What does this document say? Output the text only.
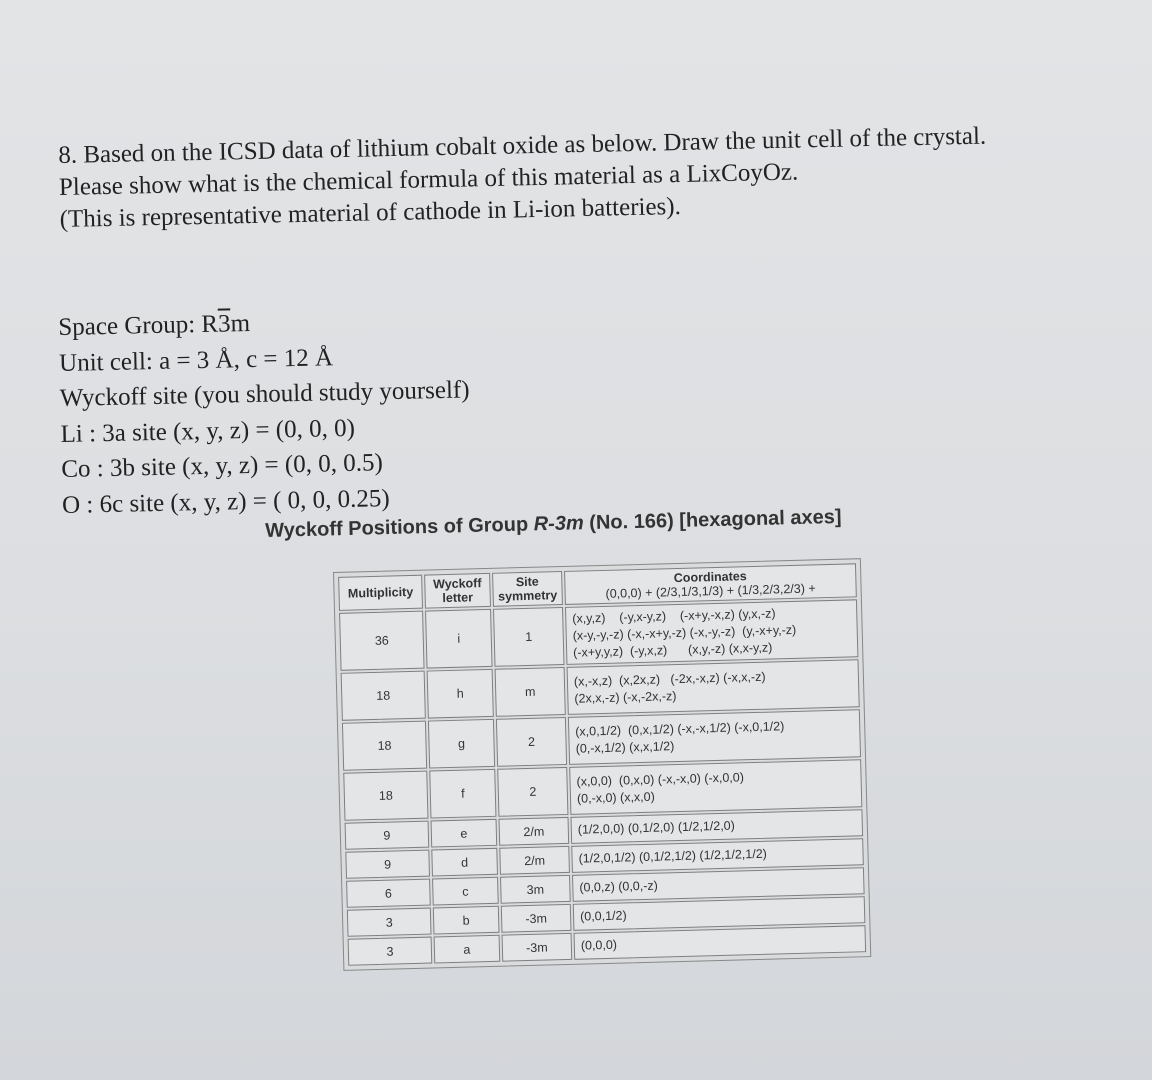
8. Based on the ICSD data of lithium cobalt oxide as below. Draw the unit cell of the crystal.

Please show what is the chemical formula of this material as a LixCoyOz.

(This is representative material of cathode in Li-ion batteries).

Space Group: R3m

Unit cell: a = 3 Å, c = 12 Å

Wyckoff site (you should study yourself)

Li : 3a site (x, y, z) = (0, 0, 0)

Co : 3b site (x, y, z) = (0, 0, 0.5)

O : 6c site (x, y, z) = ( 0, 0, 0.25)

Wyckoff Positions of Group R-3m (No. 166) [hexagonal axes]
Multiplicity	Wyckoff letter	Site symmetry	Coordinates
(0,0,0) + (2/3,1/3,1/3) + (1/3,2/3,2/3) +

36	i	1	(x,y,z)    (-y,x-y,z)    (-x+y,-x,z) (y,x,-z)
(x-y,-y,-z) (-x,-x+y,-z) (-x,-y,-z)  (y,-x+y,-z)
(-x+y,y,z)  (-y,x,z)      (x,y,-z) (x,x-y,z)
18	h	m	(x,-x,z)  (x,2x,z)   (-2x,-x,z) (-x,x,-z)
(2x,x,-z) (-x,-2x,-z)
18	g	2	(x,0,1/2)  (0,x,1/2) (-x,-x,1/2) (-x,0,1/2)
(0,-x,1/2) (x,x,1/2)
18	f	2	(x,0,0)  (0,x,0) (-x,-x,0) (-x,0,0)
(0,-x,0) (x,x,0)
9	e	2/m	(1/2,0,0) (0,1/2,0) (1/2,1/2,0)
9	d	2/m	(1/2,0,1/2) (0,1/2,1/2) (1/2,1/2,1/2)
6	c	3m	(0,0,z) (0,0,-z)
3	b	-3m	(0,0,1/2)
3	a	-3m	(0,0,0)
